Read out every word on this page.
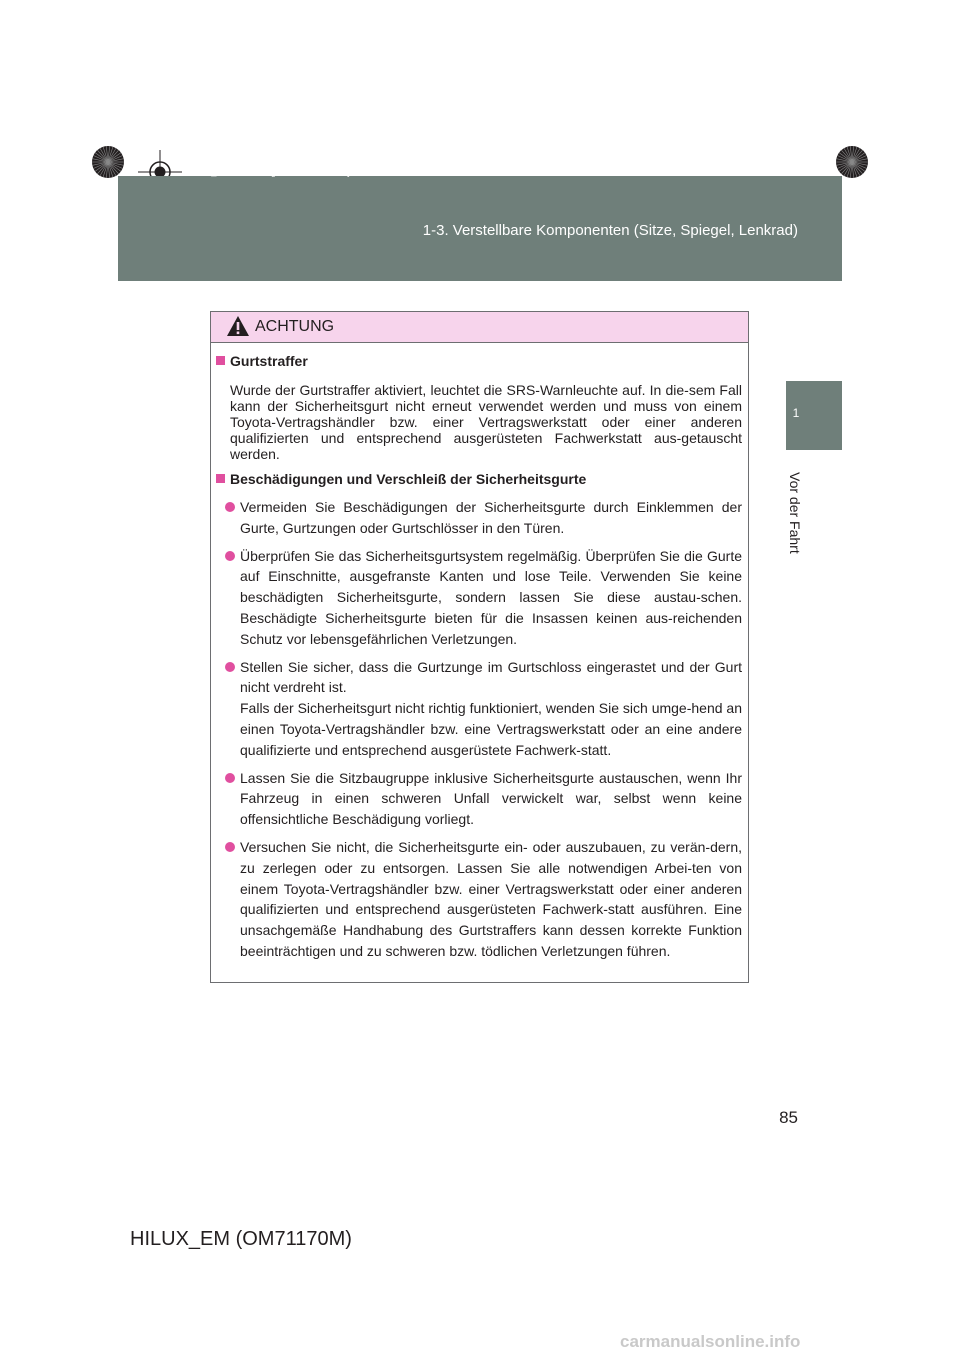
HILUX_EM.book Page 85 Wednesday, March 23, 2011 2:48 PM
1-3. Verstellbare Komponenten (Sitze, Spiegel, Lenkrad)
1
Vor der Fahrt
ACHTUNG

Gurtstraffer

Wurde der Gurtstraffer aktiviert, leuchtet die SRS-Warnleuchte auf. In die-sem Fall kann der Sicherheitsgurt nicht erneut verwendet werden und muss von einem Toyota-Vertragshändler bzw. einer Vertragswerkstatt oder einer anderen qualifizierten und entsprechend ausgerüsteten Fachwerkstatt aus-getauscht werden.

Beschädigungen und Verschleiß der Sicherheitsgurte

Vermeiden Sie Beschädigungen der Sicherheitsgurte durch Einklemmen der Gurte, Gurtzungen oder Gurtschlösser in den Türen.
Überprüfen Sie das Sicherheitsgurtsystem regelmäßig. Überprüfen Sie die Gurte auf Einschnitte, ausgefranste Kanten und lose Teile. Verwenden Sie keine beschädigten Sicherheitsgurte, sondern lassen Sie diese austau-schen. Beschädigte Sicherheitsgurte bieten für die Insassen keinen aus-reichenden Schutz vor lebensgefährlichen Verletzungen.
Stellen Sie sicher, dass die Gurtzunge im Gurtschloss eingerastet und der Gurt nicht verdreht ist.
Falls der Sicherheitsgurt nicht richtig funktioniert, wenden Sie sich umge-hend an einen Toyota-Vertragshändler bzw. eine Vertragswerkstatt oder an eine andere qualifizierte und entsprechend ausgerüstete Fachwerk-statt.
Lassen Sie die Sitzbaugruppe inklusive Sicherheitsgurte austauschen, wenn Ihr Fahrzeug in einen schweren Unfall verwickelt war, selbst wenn keine offensichtliche Beschädigung vorliegt.
Versuchen Sie nicht, die Sicherheitsgurte ein- oder auszubauen, zu verän-dern, zu zerlegen oder zu entsorgen. Lassen Sie alle notwendigen Arbei-ten von einem Toyota-Vertragshändler bzw. einer Vertragswerkstatt oder einer anderen qualifizierten und entsprechend ausgerüsteten Fachwerk-statt ausführen. Eine unsachgemäße Handhabung des Gurtstraffers kann dessen korrekte Funktion beeinträchtigen und zu schweren bzw. tödlichen Verletzungen führen.
85
HILUX_EM (OM71170M)
carmanualsonline.info
